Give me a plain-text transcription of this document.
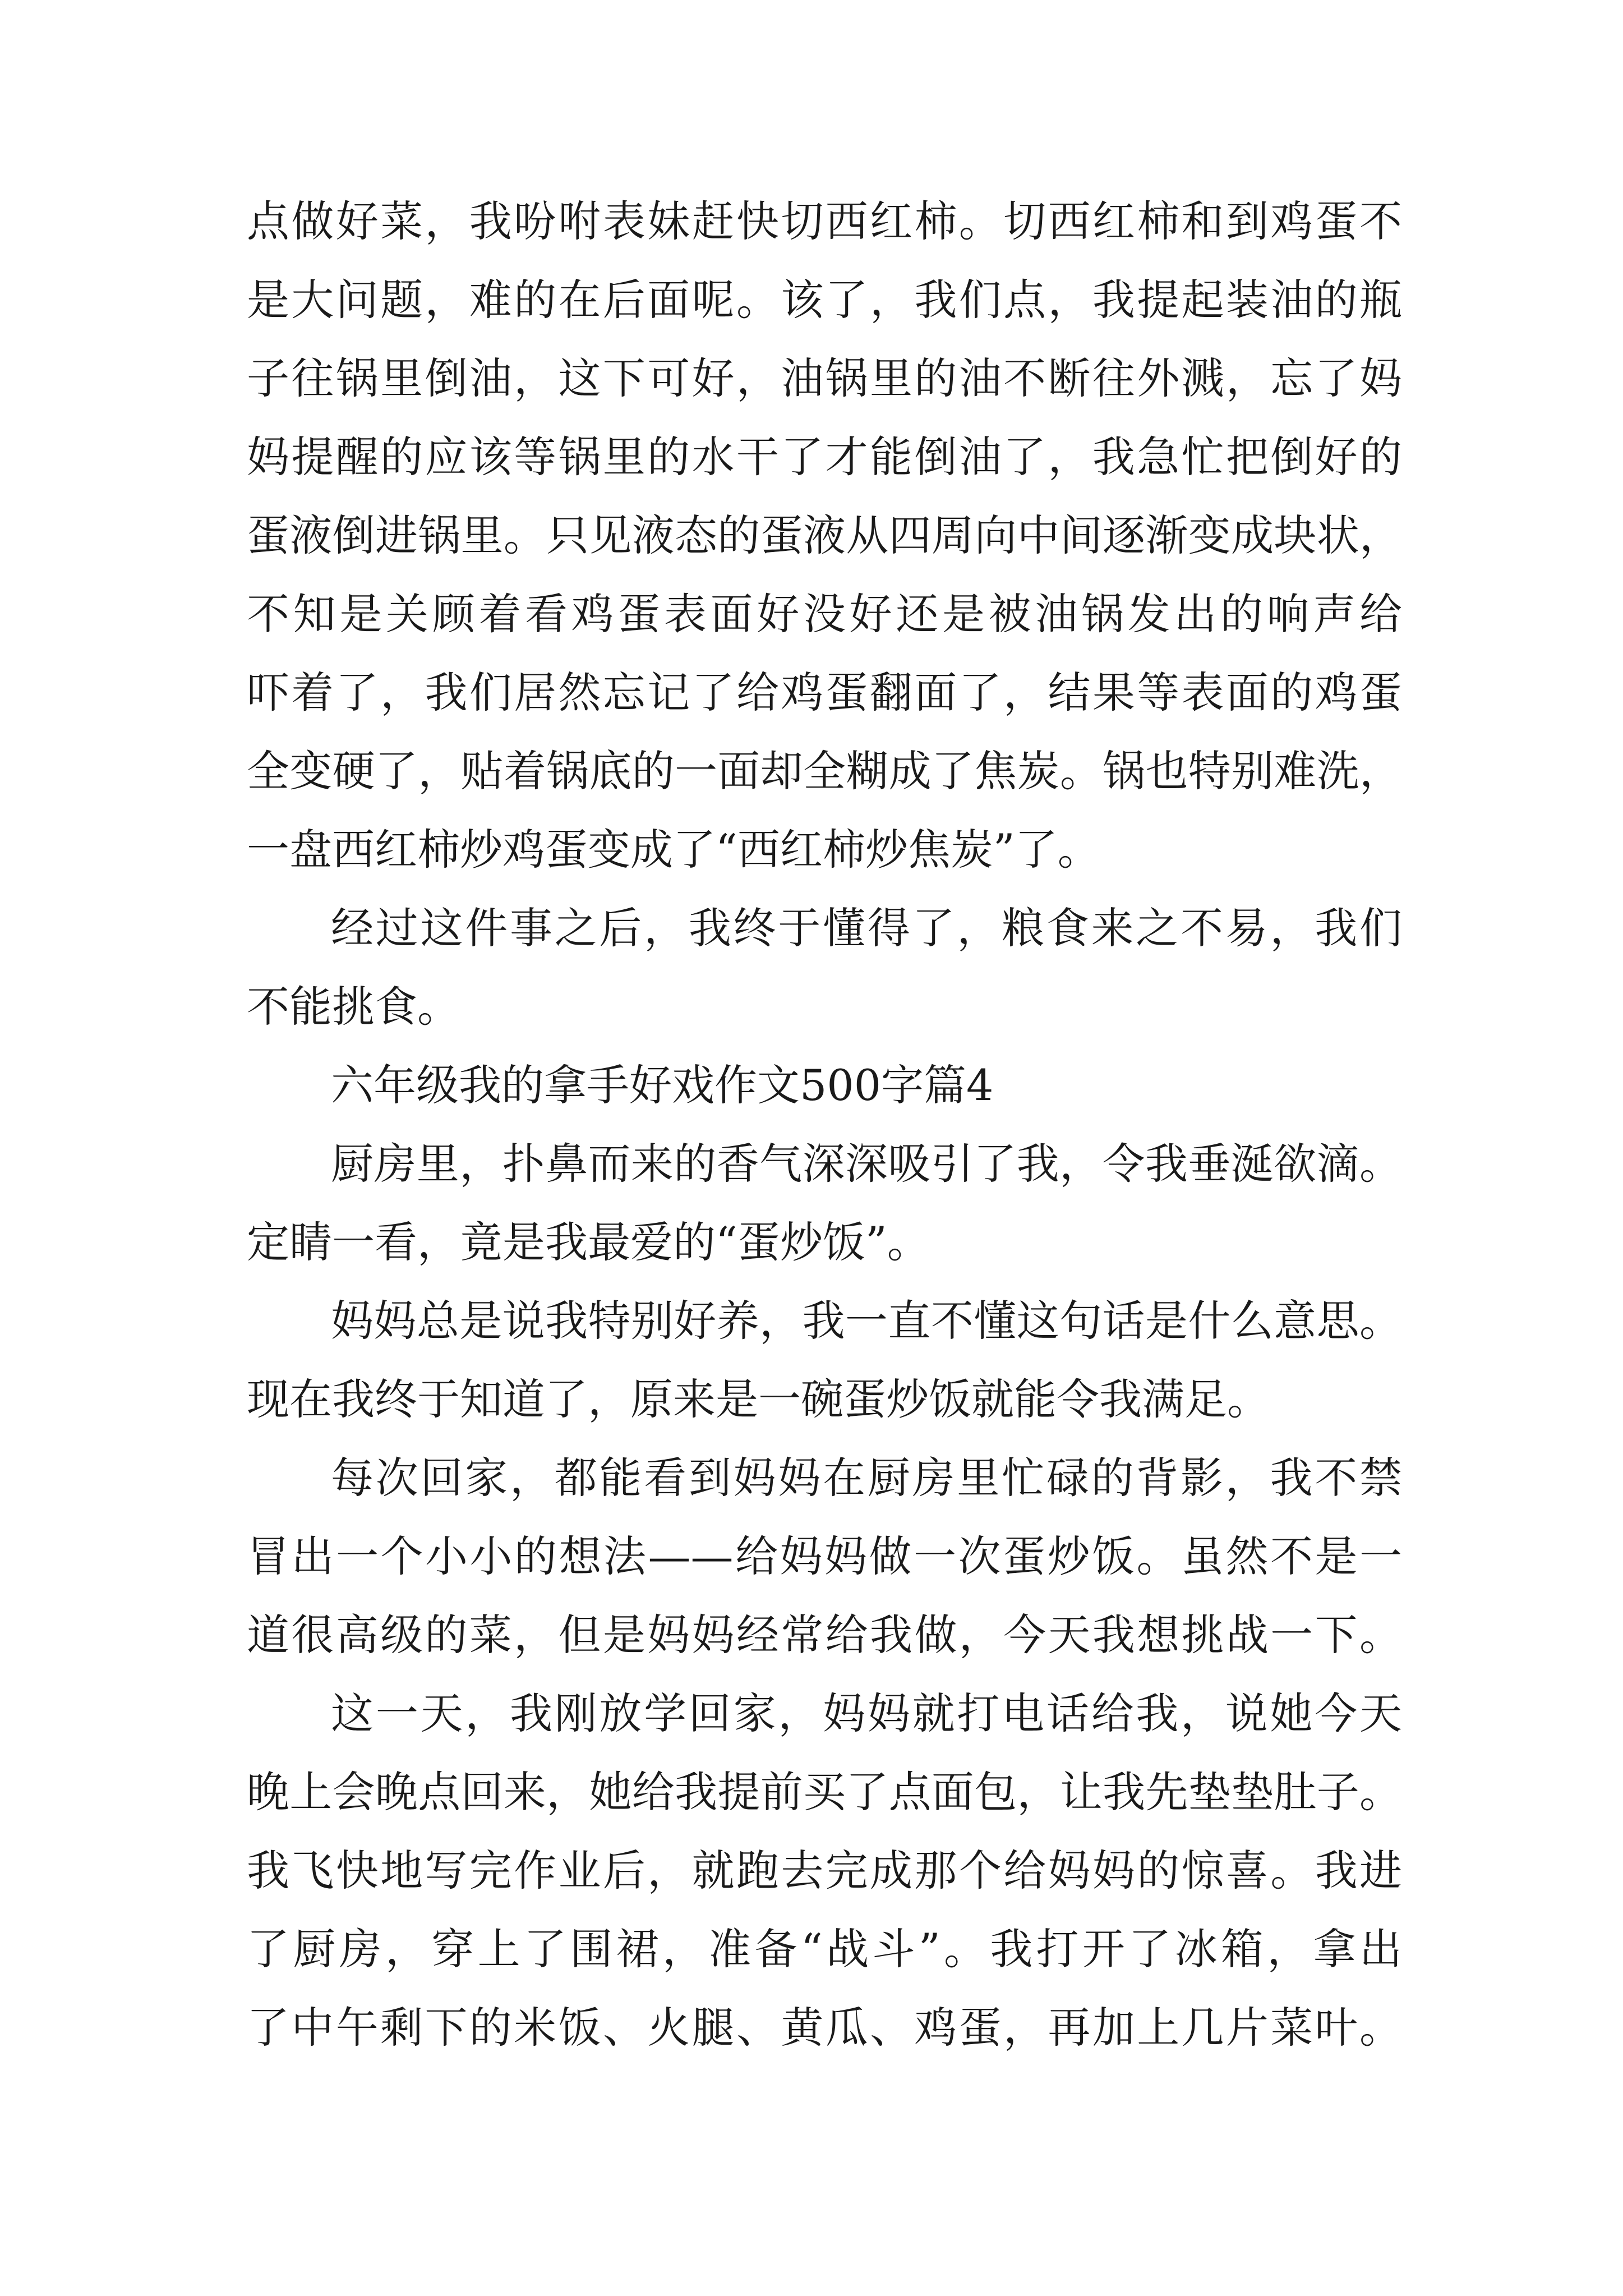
点做好菜，我吩咐表妹赶快切西红柿。切西红柿和到鸡蛋不
是大问题，难的在后面呢。该了，我们点，我提起装油的瓶
子往锅里倒油，这下可好，油锅里的油不断往外溅，忘了妈
妈提醒的应该等锅里的水干了才能倒油了，我急忙把倒好的
蛋液倒进锅里。只见液态的蛋液从四周向中间逐渐变成块状，
不知是关顾着看鸡蛋表面好没好还是被油锅发出的响声给
吓着了，我们居然忘记了给鸡蛋翻面了，结果等表面的鸡蛋
全变硬了，贴着锅底的一面却全糊成了焦炭。锅也特别难洗，
一盘西红柿炒鸡蛋变成了“西红柿炒焦炭”了。
经过这件事之后，我终于懂得了，粮食来之不易，我们
不能挑食。
六年级我的拿手好戏作文500字篇4
厨房里，扑鼻而来的香气深深吸引了我，令我垂涎欲滴。
定睛一看，竟是我最爱的“蛋炒饭”。
妈妈总是说我特别好养，我一直不懂这句话是什么意思。
现在我终于知道了，原来是一碗蛋炒饭就能令我满足。
每次回家，都能看到妈妈在厨房里忙碌的背影，我不禁
冒出一个小小的想法——给妈妈做一次蛋炒饭。虽然不是一
道很高级的菜，但是妈妈经常给我做，今天我想挑战一下。
这一天，我刚放学回家，妈妈就打电话给我，说她今天
晚上会晚点回来，她给我提前买了点面包，让我先垫垫肚子。
我飞快地写完作业后，就跑去完成那个给妈妈的惊喜。我进
了厨房，穿上了围裙，准备“战斗”。我打开了冰箱，拿出
了中午剩下的米饭、火腿、黄瓜、鸡蛋，再加上几片菜叶。
